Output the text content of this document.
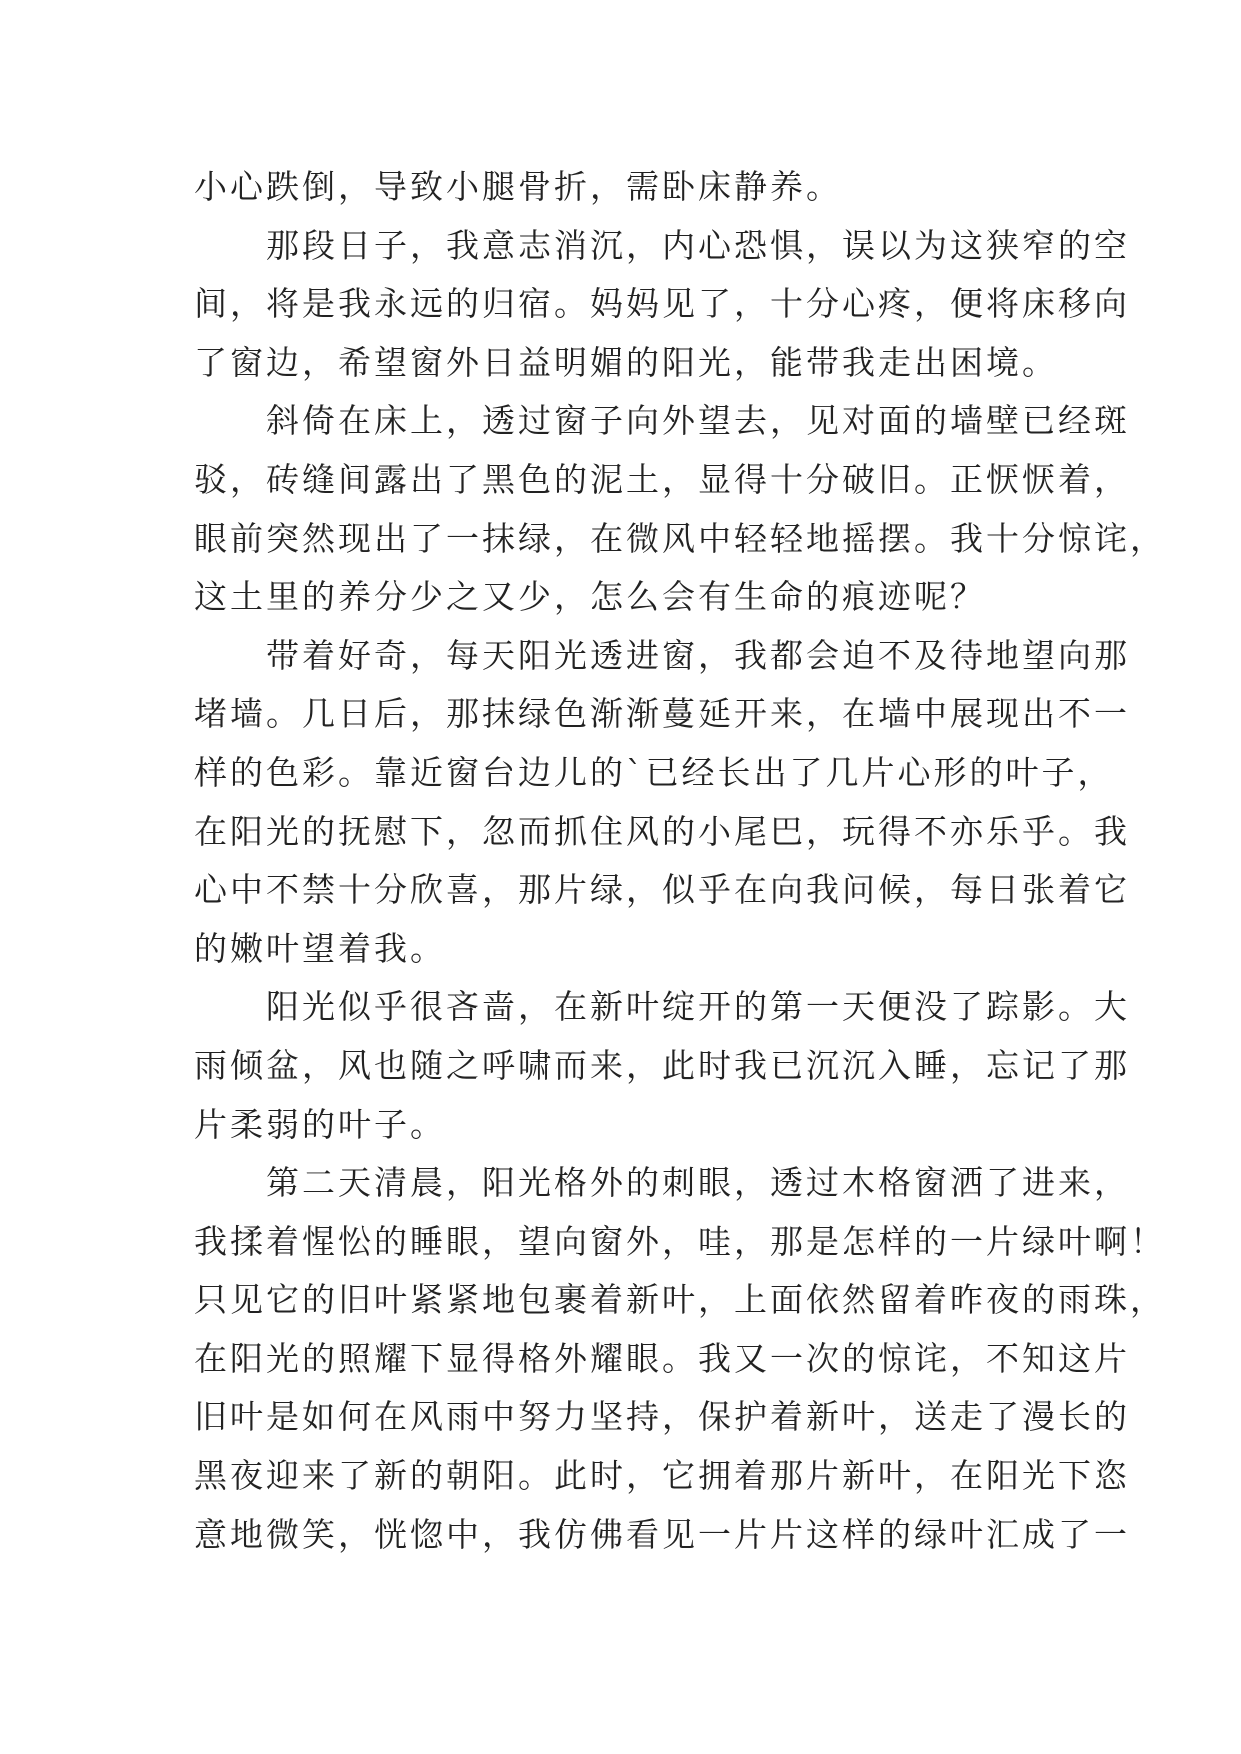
小心跌倒，导致小腿骨折，需卧床静养。
　　那段日子，我意志消沉，内心恐惧，误以为这狭窄的空
间，将是我永远的归宿。妈妈见了，十分心疼，便将床移向
了窗边，希望窗外日益明媚的阳光，能带我走出困境。
　　斜倚在床上，透过窗子向外望去，见对面的墙壁已经斑
驳，砖缝间露出了黑色的泥土，显得十分破旧。正恹恹着，
眼前突然现出了一抹绿，在微风中轻轻地摇摆。我十分惊诧，
这土里的养分少之又少，怎么会有生命的痕迹呢？
　　带着好奇，每天阳光透进窗，我都会迫不及待地望向那
堵墙。几日后，那抹绿色渐渐蔓延开来，在墙中展现出不一
样的色彩。靠近窗台边儿的`已经长出了几片心形的叶子，
在阳光的抚慰下，忽而抓住风的小尾巴，玩得不亦乐乎。我
心中不禁十分欣喜，那片绿，似乎在向我问候，每日张着它
的嫩叶望着我。
　　阳光似乎很吝啬，在新叶绽开的第一天便没了踪影。大
雨倾盆，风也随之呼啸而来，此时我已沉沉入睡，忘记了那
片柔弱的叶子。
　　第二天清晨，阳光格外的刺眼，透过木格窗洒了进来，
我揉着惺忪的睡眼，望向窗外，哇，那是怎样的一片绿叶啊！
只见它的旧叶紧紧地包裹着新叶，上面依然留着昨夜的雨珠，
在阳光的照耀下显得格外耀眼。我又一次的惊诧，不知这片
旧叶是如何在风雨中努力坚持，保护着新叶，送走了漫长的
黑夜迎来了新的朝阳。此时，它拥着那片新叶，在阳光下恣
意地微笑，恍惚中，我仿佛看见一片片这样的绿叶汇成了一
